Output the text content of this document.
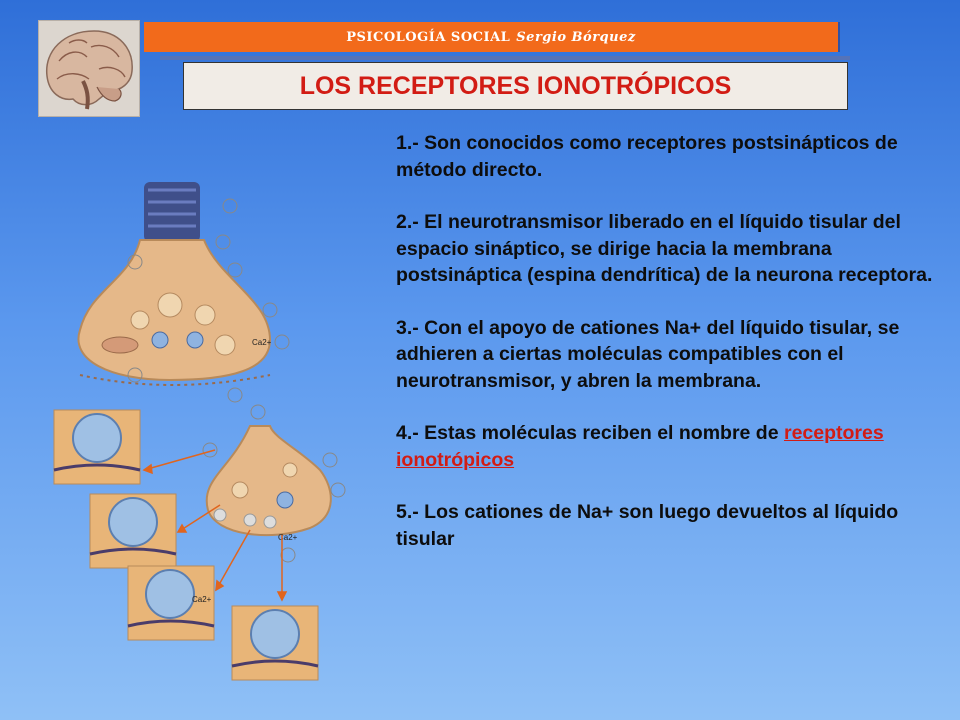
PSICOLOGÍA SOCIAL Sergio Bórquez
LOS RECEPTORES IONOTRÓPICOS

1.- Son conocidos como receptores postsinápticos de método directo.

2.- El neurotransmisor liberado en el líquido tisular del espacio sináptico, se dirige hacia la membrana postsináptica (espina dendrítica) de la neurona receptora.

3.- Con el apoyo de cationes Na+ del líquido tisular, se adhieren a ciertas moléculas compatibles con el neurotransmisor, y abren la membrana.

4.- Estas moléculas reciben el nombre de receptores ionotrópicos

5.- Los cationes de Na+ son luego devueltos al líquido tisular

Ca2+
Ca2+
Ca2+
